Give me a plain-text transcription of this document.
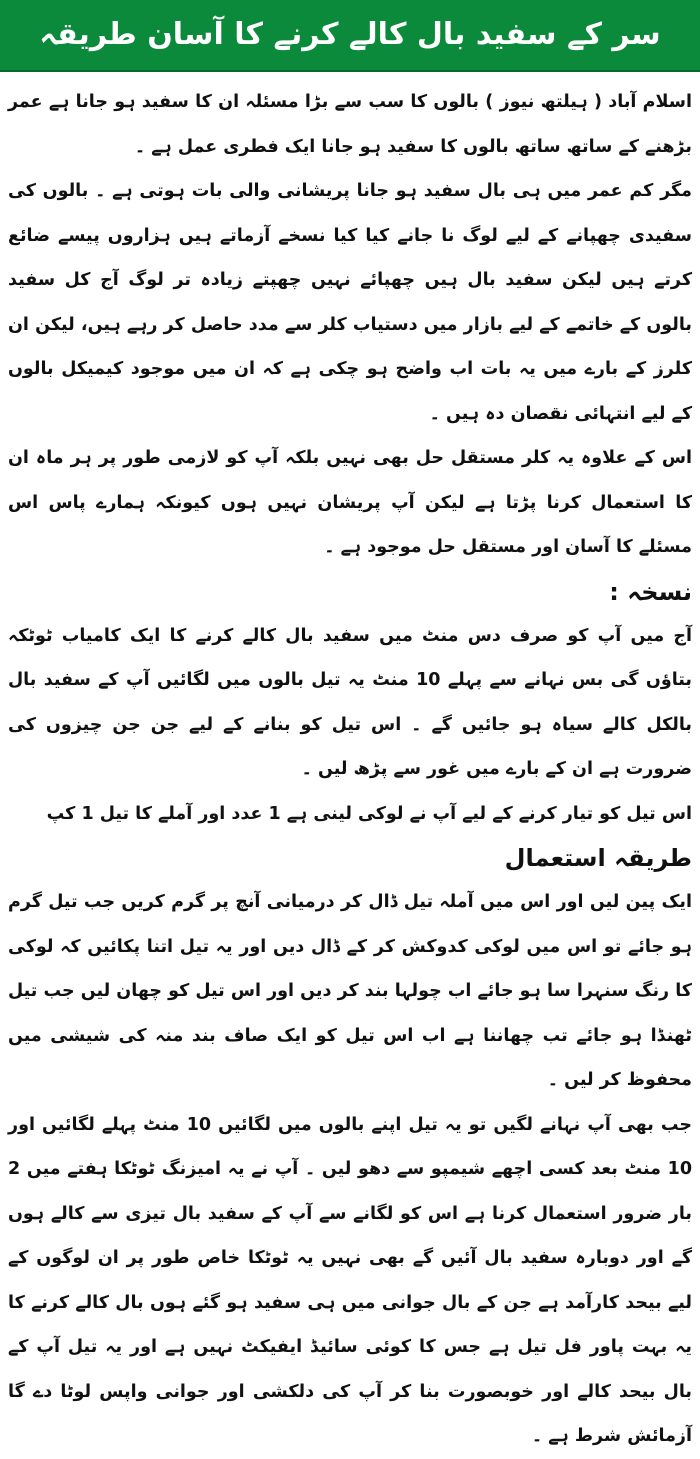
سر کے سفید بال کالے کرنے کا آسان طریقہ

اسلام آباد ( ہیلتھ نیوز ) بالوں کا سب سے بڑا مسئلہ ان کا سفید ہو جانا ہے عمر بڑھنے کے ساتھ ساتھ بالوں کا سفید ہو جانا ایک فطری عمل ہے ۔

مگر کم عمر میں ہی بال سفید ہو جانا پریشانی والی بات ہوتی ہے ۔ بالوں کی سفیدی چھپانے کے لیے لوگ نا جانے کیا کیا نسخے آزماتے ہیں ہزاروں پیسے ضائع کرتے ہیں لیکن سفید بال ہیں چھپائے نہیں چھپتے زیادہ تر لوگ آج کل سفید بالوں کے خاتمے کے لیے بازار میں دستیاب کلر سے مدد حاصل کر رہے ہیں، لیکن ان کلرز کے بارے میں یہ بات اب واضح ہو چکی ہے کہ ان میں موجود کیمیکل بالوں کے لیے انتہائی نقصان دہ ہیں ۔

اس کے علاوہ یہ کلر مستقل حل بھی نہیں بلکہ آپ کو لازمی طور پر ہر ماہ ان کا استعمال کرنا پڑتا ہے لیکن آپ پریشان نہیں ہوں کیونکہ ہمارے پاس اس مسئلے کا آسان اور مستقل حل موجود ہے ۔

نسخہ :

آج میں آپ کو صرف دس منٹ میں سفید بال کالے کرنے کا ایک کامیاب ٹوٹکہ بتاؤں گی بس نہانے سے پہلے 10 منٹ یہ تیل بالوں میں لگائیں آپ کے سفید بال بالکل کالے سیاہ ہو جائیں گے ۔ اس تیل کو بنانے کے لیے جن جن چیزوں کی ضرورت ہے ان کے بارے میں غور سے پڑھ لیں ۔

اس تیل کو تیار کرنے کے لیے آپ نے لوکی لینی ہے 1 عدد اور آملے کا تیل 1 کپ

طریقہ استعمال

ایک پین لیں اور اس میں آملہ تیل ڈال کر درمیانی آنچ پر گرم کریں جب تیل گرم ہو جائے تو اس میں لوکی کدوکش کر کے ڈال دیں اور یہ تیل اتنا پکائیں کہ لوکی کا رنگ سنہرا سا ہو جائے اب چولہا بند کر دیں اور اس تیل کو چھان لیں جب تیل ٹھنڈا ہو جائے تب چھاننا ہے اب اس تیل کو ایک صاف بند منہ کی شیشی میں محفوظ کر لیں ۔

جب بھی آپ نہانے لگیں تو یہ تیل اپنے بالوں میں لگائیں 10 منٹ پہلے لگائیں اور 10 منٹ بعد کسی اچھے شیمپو سے دھو لیں ۔ آپ نے یہ امیزنگ ٹوٹکا ہفتے میں 2 بار ضرور استعمال کرنا ہے اس کو لگانے سے آپ کے سفید بال تیزی سے کالے ہوں گے اور دوبارہ سفید بال آئیں گے بھی نہیں یہ ٹوٹکا خاص طور پر ان لوگوں کے لیے بیحد کارآمد ہے جن کے بال جوانی میں ہی سفید ہو گئے ہوں بال کالے کرنے کا یہ بہت پاور فل تیل ہے جس کا کوئی سائیڈ ایفیکٹ نہیں ہے اور یہ تیل آپ کے بال بیحد کالے اور خوبصورت بنا کر آپ کی دلکشی اور جوانی واپس لوٹا دے گا آزمائش شرط ہے ۔
